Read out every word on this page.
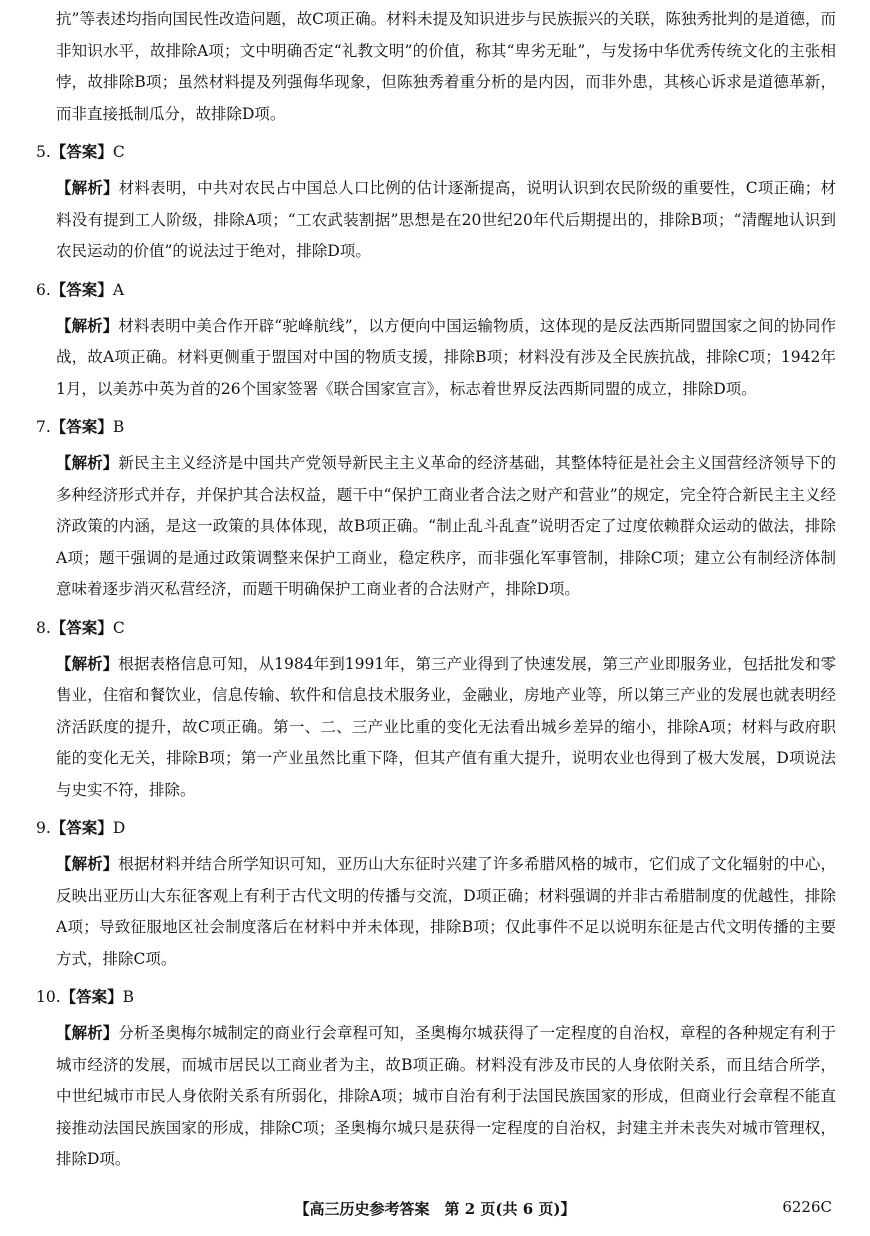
抗”等表述均指向国民性改造问题，故C项正确。材料未提及知识进步与民族振兴的关联，陈独秀批判的是道德，而非知识水平，故排除A项；文中明确否定“礼教文明”的价值，称其“卑劣无耻”，与发扬中华优秀传统文化的主张相悖，故排除B项；虽然材料提及列强侮华现象，但陈独秀着重分析的是内因，而非外患，其核心诉求是道德革新，而非直接抵制瓜分，故排除D项。

5.【答案】C

【解析】材料表明，中共对农民占中国总人口比例的估计逐渐提高，说明认识到农民阶级的重要性，C项正确；材料没有提到工人阶级，排除A项；“工农武装割据”思想是在20世纪20年代后期提出的，排除B项；“清醒地认识到农民运动的价值”的说法过于绝对，排除D项。

6.【答案】A

【解析】材料表明中美合作开辟“驼峰航线”，以方便向中国运输物质，这体现的是反法西斯同盟国家之间的协同作战，故A项正确。材料更侧重于盟国对中国的物质支援，排除B项；材料没有涉及全民族抗战，排除C项；1942年1月，以美苏中英为首的26个国家签署《联合国家宣言》，标志着世界反法西斯同盟的成立，排除D项。

7.【答案】B

【解析】新民主主义经济是中国共产党领导新民主主义革命的经济基础，其整体特征是社会主义国营经济领导下的多种经济形式并存，并保护其合法权益，题干中“保护工商业者合法之财产和营业”的规定，完全符合新民主主义经济政策的内涵，是这一政策的具体体现，故B项正确。“制止乱斗乱查”说明否定了过度依赖群众运动的做法，排除A项；题干强调的是通过政策调整来保护工商业，稳定秩序，而非强化军事管制，排除C项；建立公有制经济体制意味着逐步消灭私营经济，而题干明确保护工商业者的合法财产，排除D项。

8.【答案】C

【解析】根据表格信息可知，从1984年到1991年，第三产业得到了快速发展，第三产业即服务业，包括批发和零售业，住宿和餐饮业，信息传输、软件和信息技术服务业，金融业，房地产业等，所以第三产业的发展也就表明经济活跃度的提升，故C项正确。第一、二、三产业比重的变化无法看出城乡差异的缩小，排除A项；材料与政府职能的变化无关，排除B项；第一产业虽然比重下降，但其产值有重大提升，说明农业也得到了极大发展，D项说法与史实不符，排除。

9.【答案】D

【解析】根据材料并结合所学知识可知，亚历山大东征时兴建了许多希腊风格的城市，它们成了文化辐射的中心，反映出亚历山大东征客观上有利于古代文明的传播与交流，D项正确；材料强调的并非古希腊制度的优越性，排除A项；导致征服地区社会制度落后在材料中并未体现，排除B项；仅此事件不足以说明东征是古代文明传播的主要方式，排除C项。

10.【答案】B

【解析】分析圣奥梅尔城制定的商业行会章程可知，圣奥梅尔城获得了一定程度的自治权，章程的各种规定有利于城市经济的发展，而城市居民以工商业者为主，故B项正确。材料没有涉及市民的人身依附关系，而且结合所学，中世纪城市市民人身依附关系有所弱化，排除A项；城市自治有利于法国民族国家的形成，但商业行会章程不能直接推动法国民族国家的形成，排除C项；圣奥梅尔城只是获得一定程度的自治权，封建主并未丧失对城市管理权，排除D项。

【高三历史参考答案　第 2 页(共 6 页)】	6226C
